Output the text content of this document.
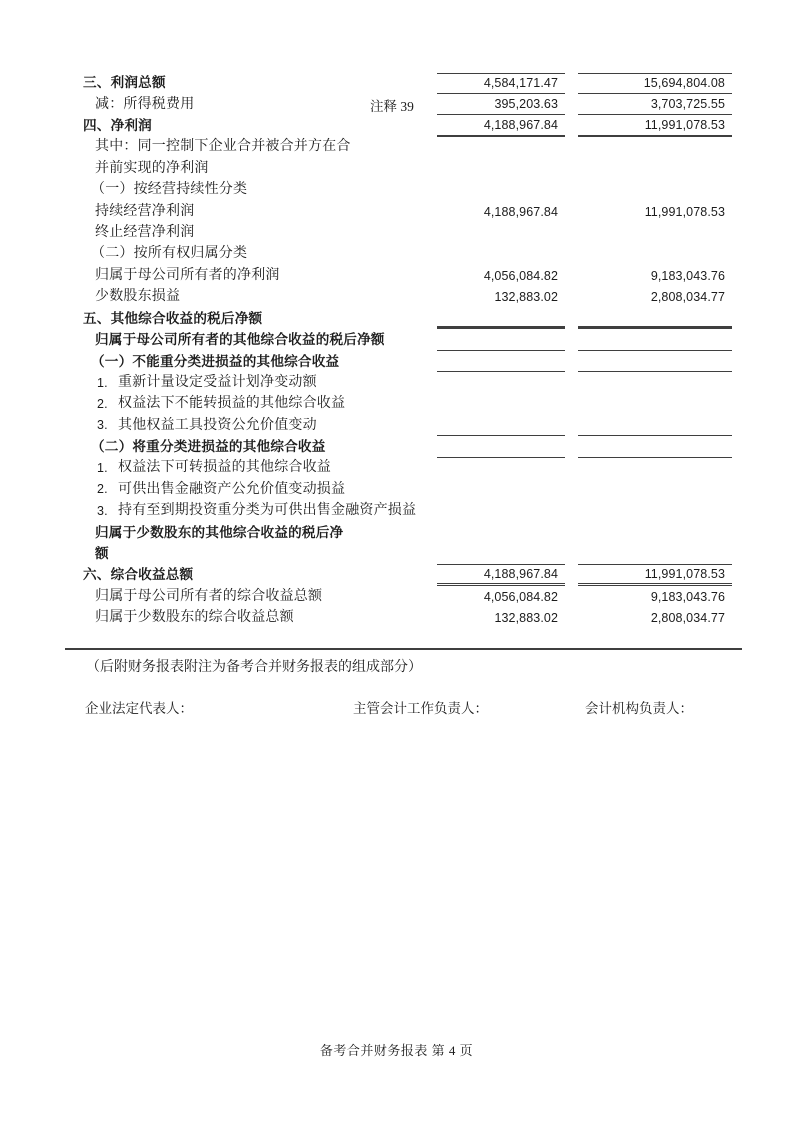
三、利润总额	4,584,171.47	15,694,804.08
减：所得税费用	注释 39	395,203.63	3,703,725.55
四、净利润	4,188,967.84	11,991,078.53
其中：同一控制下企业合并被合并方在合
并前实现的净利润
（一）按经营持续性分类
持续经营净利润	4,188,967.84	11,991,078.53
终止经营净利润
（二）按所有权归属分类
归属于母公司所有者的净利润	4,056,084.82	9,183,043.76
少数股东损益	132,883.02	2,808,034.77
五、其他综合收益的税后净额
归属于母公司所有者的其他综合收益的税后净额
（一）不能重分类进损益的其他综合收益
1. 重新计量设定受益计划净变动额
2. 权益法下不能转损益的其他综合收益
3. 其他权益工具投资公允价值变动
（二）将重分类进损益的其他综合收益
1. 权益法下可转损益的其他综合收益
2. 可供出售金融资产公允价值变动损益
3. 持有至到期投资重分类为可供出售金融资产损益
归属于少数股东的其他综合收益的税后净
额
六、综合收益总额	4,188,967.84	11,991,078.53
归属于母公司所有者的综合收益总额	4,056,084.82	9,183,043.76
归属于少数股东的综合收益总额	132,883.02	2,808,034.77
（后附财务报表附注为备考合并财务报表的组成部分）
企业法定代表人：	主管会计工作负责人：	会计机构负责人：
备考合并财务报表 第 4 页
